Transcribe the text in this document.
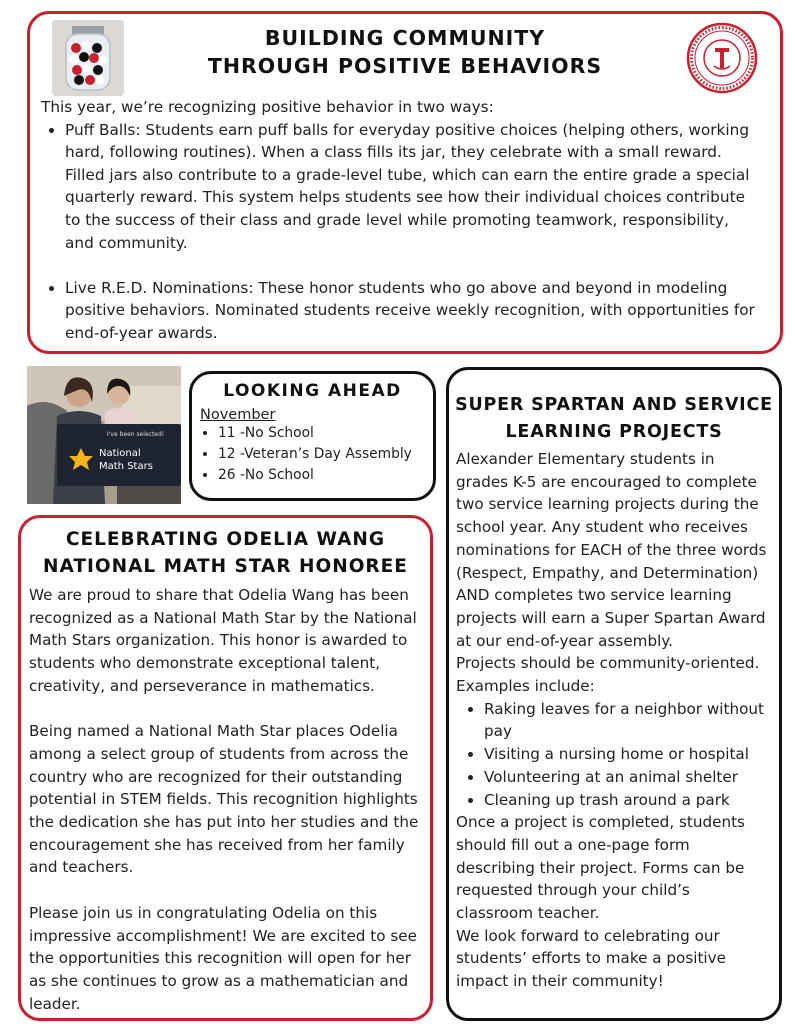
BUILDING COMMUNITY
THROUGH POSITIVE BEHAVIORS
This year, we’re recognizing positive behavior in two ways:
• Puff Balls: Students earn puff balls for everyday positive choices (helping others, working hard, following routines). When a class fills its jar, they celebrate with a small reward. Filled jars also contribute to a grade-level tube, which can earn the entire grade a special quarterly reward. This system helps students see how their individual choices contribute to the success of their class and grade level while promoting teamwork, responsibility, and community.
• Live R.E.D. Nominations: These honor students who go above and beyond in modeling positive behaviors. Nominated students receive weekly recognition, with opportunities for end-of-year awards.
I've been selected!
National
Math Stars
LOOKING AHEAD
November
• 11 -No School
• 12 -Veteran’s Day Assembly
• 26 -No School
CELEBRATING ODELIA WANG
NATIONAL MATH STAR HONOREE

We are proud to share that Odelia Wang has been recognized as a National Math Star by the National Math Stars organization. This honor is awarded to students who demonstrate exceptional talent, creativity, and perseverance in mathematics.

Being named a National Math Star places Odelia among a select group of students from across the country who are recognized for their outstanding potential in STEM fields. This recognition highlights the dedication she has put into her studies and the encouragement she has received from her family and teachers.

Please join us in congratulating Odelia on this impressive accomplishment! We are excited to see the opportunities this recognition will open for her as she continues to grow as a mathematician and leader.

SUPER SPARTAN AND SERVICE
LEARNING PROJECTS

Alexander Elementary students in grades K-5 are encouraged to complete two service learning projects during the school year. Any student who receives nominations for EACH of the three words (Respect, Empathy, and Determination) AND completes two service learning projects will earn a Super Spartan Award at our end-of-year assembly.

Projects should be community-oriented. Examples include:

• Raking leaves for a neighbor without pay
• Visiting a nursing home or hospital
• Volunteering at an animal shelter
• Cleaning up trash around a park

Once a project is completed, students should fill out a one-page form describing their project. Forms can be requested through your child’s classroom teacher.

We look forward to celebrating our students’ efforts to make a positive impact in their community!
